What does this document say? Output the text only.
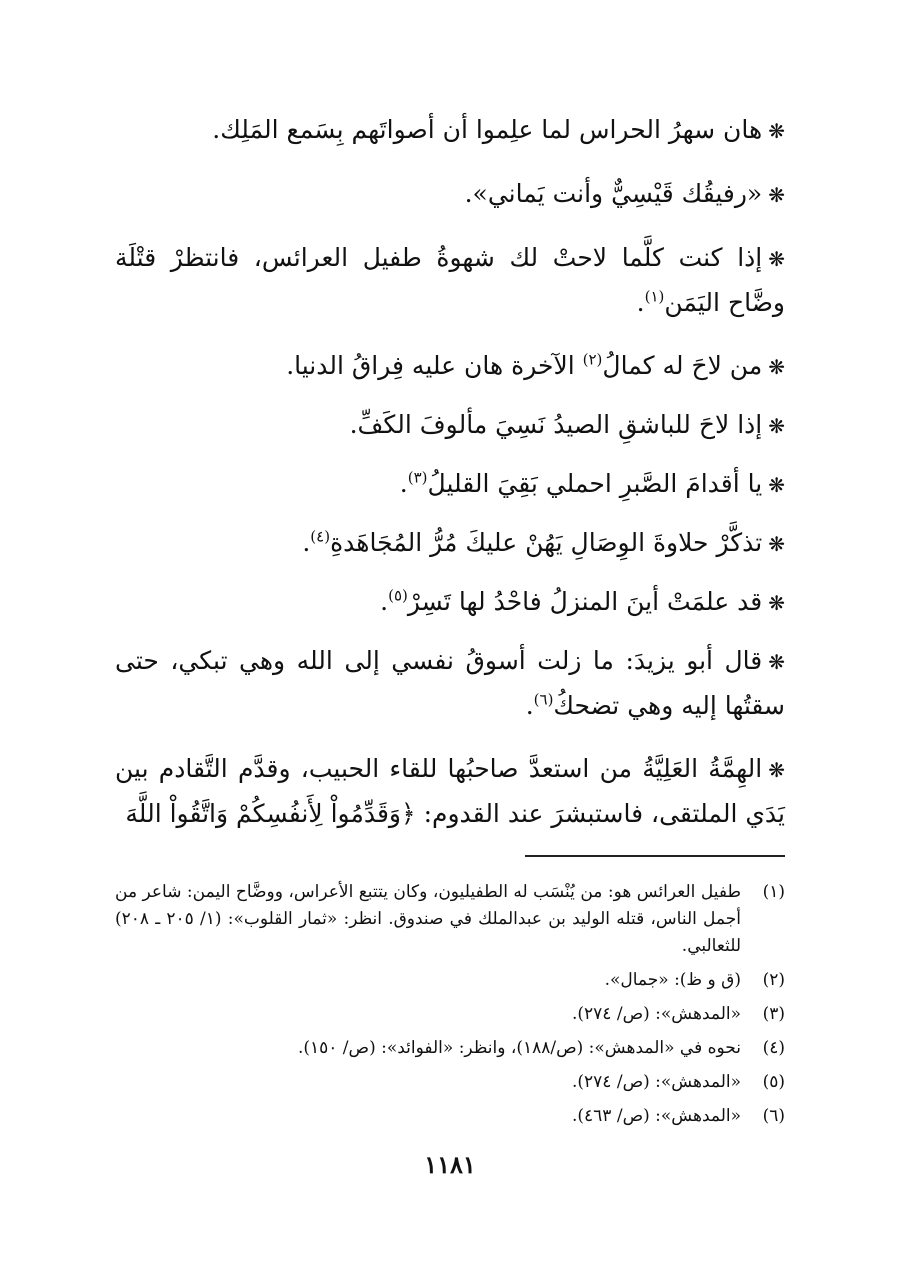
❋هان سهرُ الحراس لما علِموا أن أصواتَهم بِسَمع المَلِك.

❋«رفيقُك قَيْسِيٌّ وأنت يَماني».

❋إذا كنت كلَّما لاحتْ لك شهوةُ طفيل العرائس، فانتظرْ قتْلَة وضَّاح اليَمَن$^{(١)}$.

❋من لاحَ له كمالُ$^{(٢)}$ الآخرة هان عليه فِراقُ الدنيا.

❋إذا لاحَ للباشقِ الصيدُ نَسِيَ مألوفَ الكَفِّ.

❋يا أقدامَ الصَّبرِ احملي بَقِيَ القليلُ$^{(٣)}$.

❋تذكَّرْ حلاوةَ الوِصَالِ يَهُنْ عليكَ مُرُّ المُجَاهَدةِ$^{(٤)}$.

❋قد علمَتْ أينَ المنزلُ فاحْدُ لها تَسِرْ$^{(٥)}$.

❋قال أبو يزيدَ: ما زلت أسوقُ نفسي إلى الله وهي تبكي، حتى سقتُها إليه وهي تضحكُ$^{(٦)}$.

❋الهِمَّةُ العَلِيَّةُ من استعدَّ صاحبُها للقاء الحبيب، وقدَّم التَّقادم بين يَدَي الملتقى، فاستبشرَ عند القدوم: ﴿وَقَدِّمُواْ لِأَنفُسِكُمْ وَاتَّقُواْ اللَّهَ

(١)
طفيل العرائس هو: من يُنْسَب له الطفيليون، وكان يتتبع الأعراس، ووضَّاح اليمن: شاعر من أجمل الناس، قتله الوليد بن عبدالملك في صندوق. انظر: «ثمار القلوب»: (١/ ٢٠٥ ـ ٢٠٨) للثعالبي.
(٢)
(ق و ظ): «جمال».
(٣)
«المدهش»: (ص/ ٢٧٤).
(٤)
نحوه في «المدهش»: (ص/١٨٨)، وانظر: «الفوائد»: (ص/ ١٥٠).
(٥)
«المدهش»: (ص/ ٢٧٤).
(٦)
«المدهش»: (ص/ ٤٦٣).
١١٨١
